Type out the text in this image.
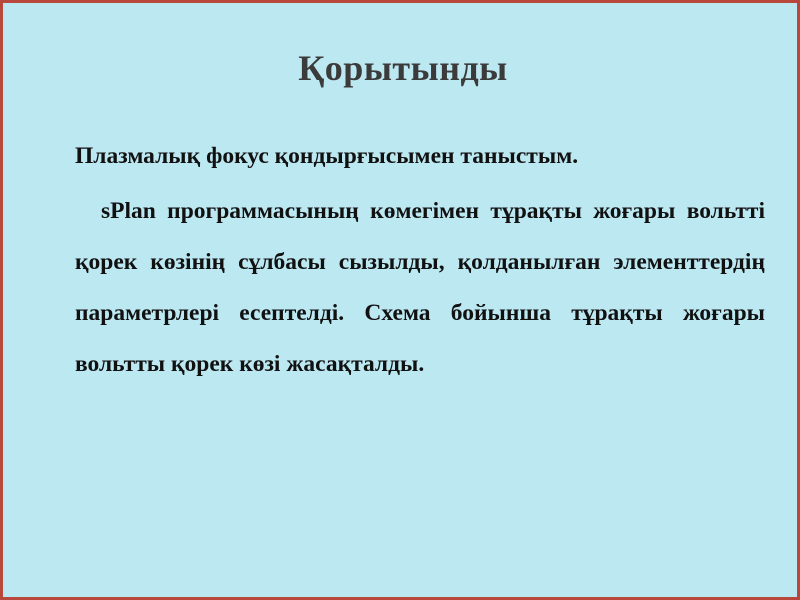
Қорытынды

Плазмалық фокус қондырғысымен таныстым.

sPlan программасының көмегімен тұрақты жоғары вольтті қорек көзінің сұлбасы сызылды, қолданылған элементтердің параметрлері есептелді. Схема бойынша тұрақты жоғары вольтты қорек көзі жасақталды.
